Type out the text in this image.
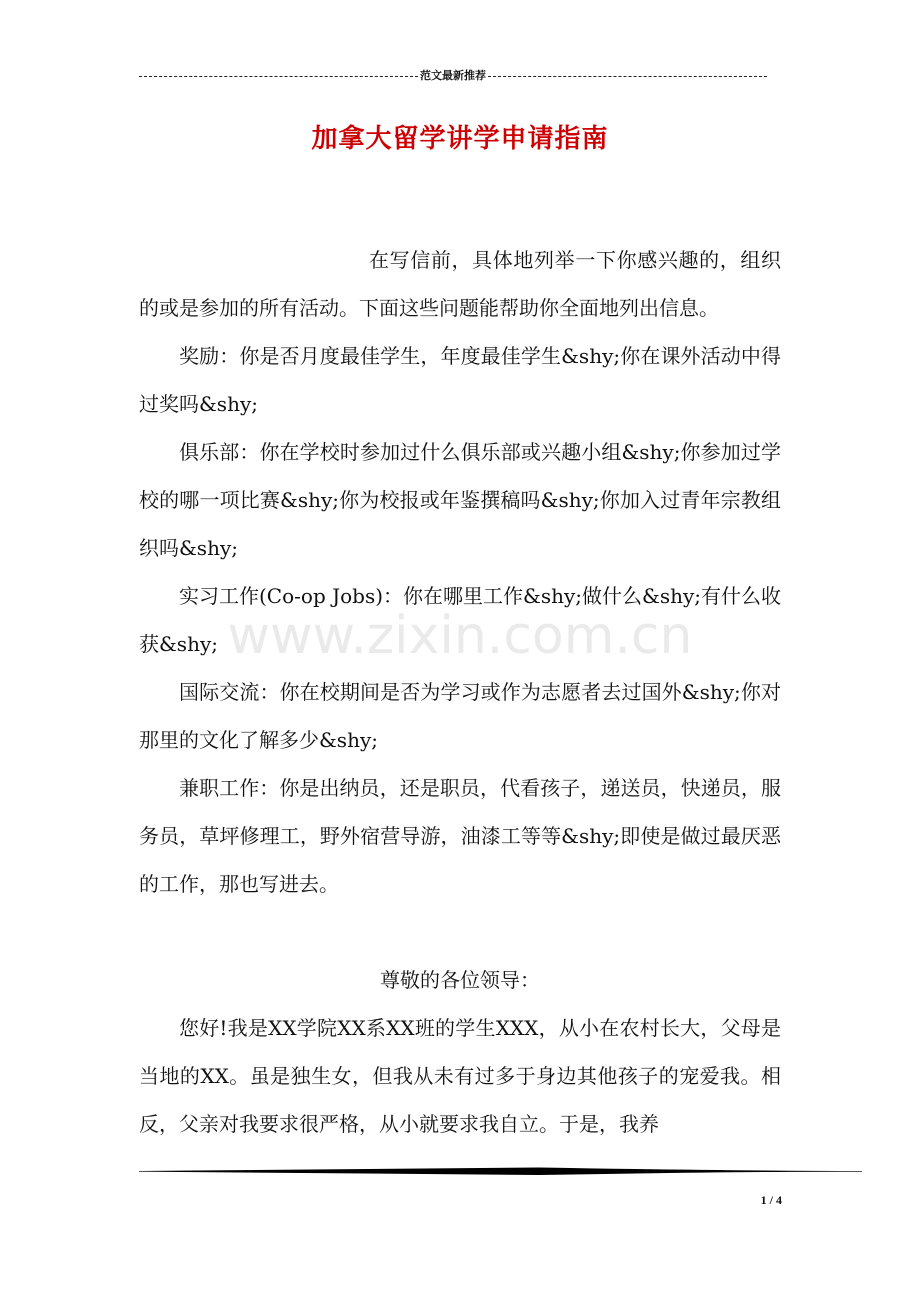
范文最新推荐
加拿大留学讲学申请指南
www.zixin.com.cn

在写信前，具体地列举一下你感兴趣的，组织的或是参加的所有活动。下面这些问题能帮助你全面地列出信息。

奖励：你是否月度最佳学生，年度最佳学生&shy;你在课外活动中得过奖吗&shy;

俱乐部：你在学校时参加过什么俱乐部或兴趣小组&shy;你参加过学校的哪一项比赛&shy;你为校报或年鉴撰稿吗&shy;你加入过青年宗教组织吗&shy;

实习工作(Co-op Jobs)：你在哪里工作&shy;做什么&shy;有什么收获&shy;

国际交流：你在校期间是否为学习或作为志愿者去过国外&shy;你对那里的文化了解多少&shy;

兼职工作：你是出纳员，还是职员，代看孩子，递送员，快递员，服务员，草坪修理工，野外宿营导游，油漆工等等&shy;即使是做过最厌恶的工作，那也写进去。

尊敬的各位领导：

您好!我是XX学院XX系XX班的学生XXX，从小在农村长大，父母是当地的XX。虽是独生女，但我从未有过多于身边其他孩子的宠爱我。相反，父亲对我要求很严格，从小就要求我自立。于是，我养

1 / 4
